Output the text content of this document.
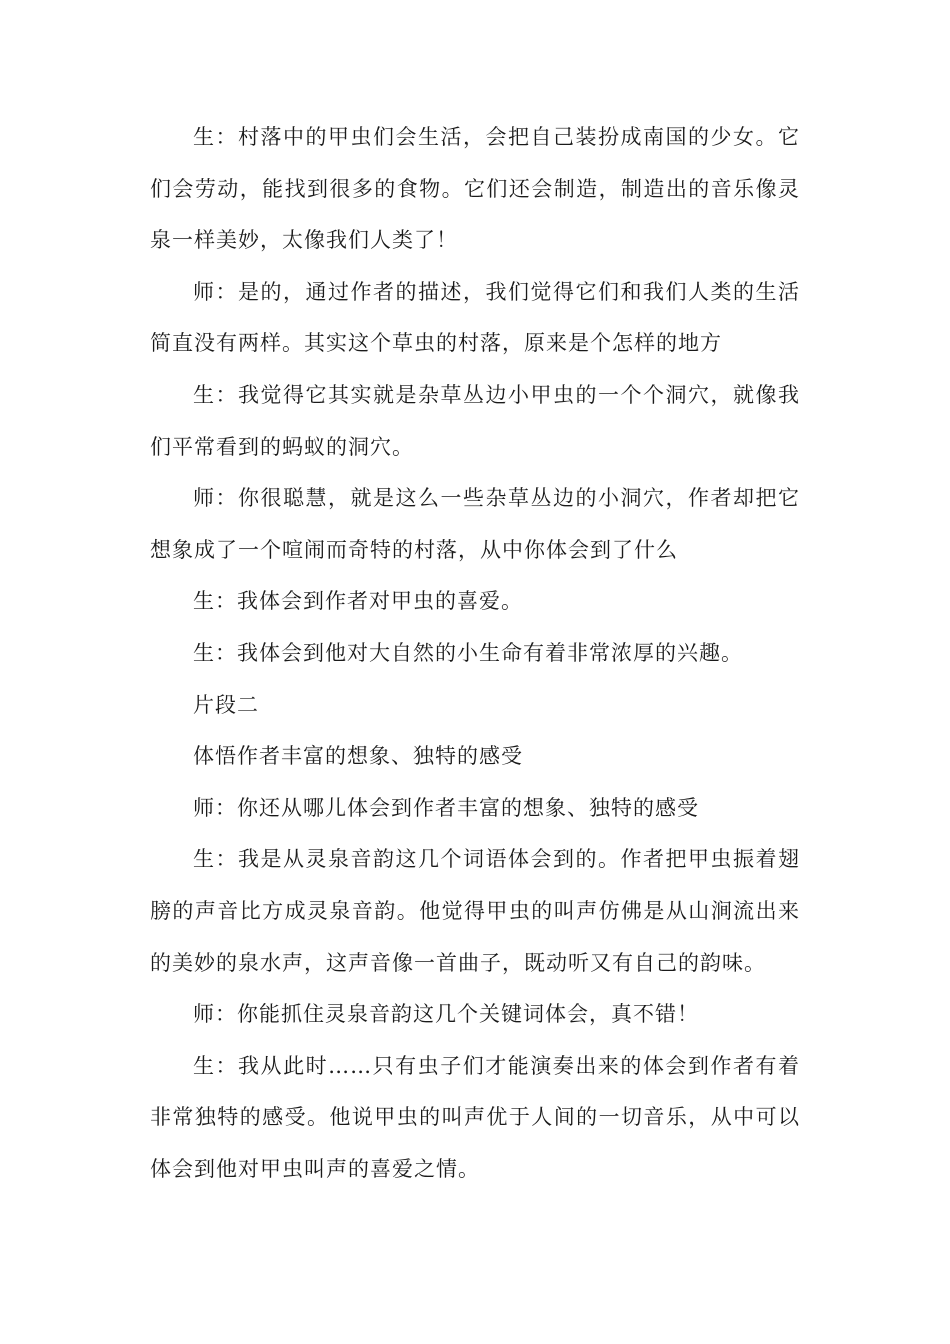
生：村落中的甲虫们会生活，会把自己装扮成南国的少女。它们会劳动，能找到很多的食物。它们还会制造，制造出的音乐像灵泉一样美妙，太像我们人类了！

师：是的，通过作者的描述，我们觉得它们和我们人类的生活简直没有两样。其实这个草虫的村落，原来是个怎样的地方

生：我觉得它其实就是杂草丛边小甲虫的一个个洞穴，就像我们平常看到的蚂蚁的洞穴。

师：你很聪慧，就是这么一些杂草丛边的小洞穴，作者却把它想象成了一个喧闹而奇特的村落，从中你体会到了什么

生：我体会到作者对甲虫的喜爱。

生：我体会到他对大自然的小生命有着非常浓厚的兴趣。

片段二

体悟作者丰富的想象、独特的感受

师：你还从哪儿体会到作者丰富的想象、独特的感受

生：我是从灵泉音韵这几个词语体会到的。作者把甲虫振着翅膀的声音比方成灵泉音韵。他觉得甲虫的叫声仿佛是从山涧流出来的美妙的泉水声，这声音像一首曲子，既动听又有自己的韵味。

师：你能抓住灵泉音韵这几个关键词体会，真不错！

生：我从此时……只有虫子们才能演奏出来的体会到作者有着非常独特的感受。他说甲虫的叫声优于人间的一切音乐，从中可以体会到他对甲虫叫声的喜爱之情。
